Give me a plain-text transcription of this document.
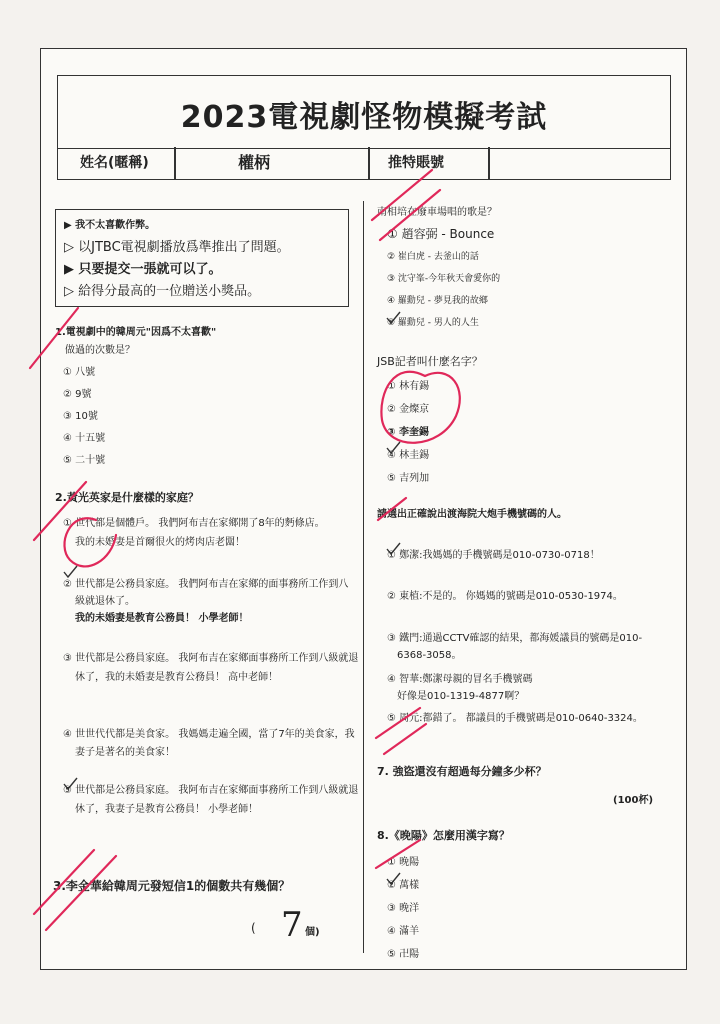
2023電視劇怪物模擬考試
姓名(暱稱)	權柄	推特賬號
▶ 我不太喜歡作弊。
▷ 以JTBC電視劇播放爲準推出了問題。
▶ 只要提交一張就可以了。
▷ 給得分最高的一位贈送小獎品。
1.電視劇中的韓周元"因爲不太喜歡"
做過的次數是？
① 八號
② 9號
③ 10號
④ 十五號
⑤ 二十號
2.黃光英家是什麼樣的家庭？
① 世代都是個體戶。 我們阿布吉在家鄉開了8年的麪條店。
我的未婚妻是首爾很火的烤肉店老闆！
② 世代都是公務員家庭。 我們阿布吉在家鄉的面事務所工作到八
級就退休了。
我的未婚妻是教育公務員！ 小學老師！
③ 世代都是公務員家庭。 我阿布吉在家鄉面事務所工作到八級就退
休了，我的未婚妻是教育公務員！ 高中老師！
④ 世世代代都是美食家。 我媽媽走遍全國，當了7年的美食家，我
妻子是著名的美食家！
⑤ 世代都是公務員家庭。 我阿布吉在家鄉面事務所工作到八級就退
休了，我妻子是教育公務員！ 小學老師！
3.李金華給韓周元發短信1的個數共有幾個？
( 7 個)
南相培在廢車場唱的歌是？
① 趙容弼 - Bounce
② 崔白虎 - 去釜山的話
③ 沈守峯-今年秋天會愛你的
④ 羅勳兒 - 夢見我的故鄉
⑤ 羅勳兒 - 男人的人生
JSB記者叫什麼名字？
① 林有錫
② 金燦京
③ 李奎錫
④ 林圭錫
⑤ 吉列加
請選出正確說出渡海院大炮手機號碼的人。
① 鄭潔:我媽媽的手機號碼是010-0730-0718！
② 東植:不是的。 你媽媽的號碼是010-0530-1974。
③ 鐵門:通過CCTV確認的結果，都海媛議員的號碼是010-
6368-3058。
④ 智華:鄭潔母親的冒名手機號碼
好像是010-1319-4877啊？
⑤ 周元:都錯了。 都議員的手機號碼是010-0640-3324。
7. 強盜還沒有超過每分鐘多少杯？
(100杯)
8.《晚陽》怎麼用漢字寫？
① 晚陽
② 萬樣
③ 晚洋
④ 滿羊
⑤ 卍陽
